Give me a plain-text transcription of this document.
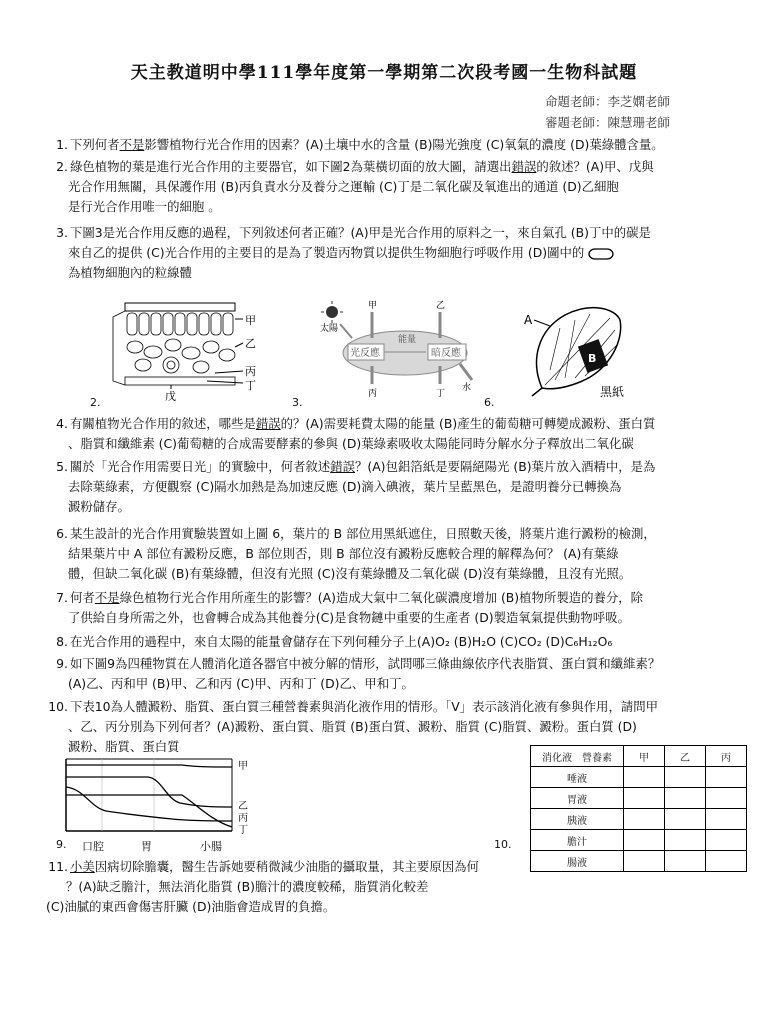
天主教道明中學111學年度第一學期第二次段考國一生物科試題
命題老師：李芝嫻老師
審題老師：陳慧珊老師
1. 下列何者不是影響植物行光合作用的因素？(A)土壤中水的含量 (B)陽光強度 (C)氧氣的濃度 (D)葉綠體含量。
2. 綠色植物的葉是進行光合作用的主要器官，如下圖2為葉橫切面的放大圖，請選出錯誤的敘述？(A)甲、戊與
光合作用無關，具保護作用 (B)丙負責水分及養分之運輸 (C)丁是二氧化碳及氧進出的通道 (D)乙細胞
是行光合作用唯一的細胞 。
3. 下圖3是光合作用反應的過程，下列敘述何者正確？(A)甲是光合作用的原料之一，來自氣孔 (B)丁中的碳是
來自乙的提供 (C)光合作用的主要目的是為了製造丙物質以提供生物細胞行呼吸作用 (D)圖中的
為植物細胞內的粒線體
甲
乙
丙
丁
戊
2.
太陽
光反應	暗反應
能量
甲	乙
丙	丁
水
3.
B
A
黑紙
6.
4. 有關植物光合作用的敘述，哪些是錯誤的？(A)需要耗費太陽的能量 (B)產生的葡萄糖可轉變成澱粉、蛋白質
、脂質和纖維素 (C)葡萄糖的合成需要酵素的參與 (D)葉綠素吸收太陽能同時分解水分子釋放出二氧化碳
5. 關於「光合作用需要日光」的實驗中，何者敘述錯誤？(A)包鋁箔紙是要隔絕陽光 (B)葉片放入酒精中，是為
去除葉綠素，方便觀察 (C)隔水加熱是為加速反應 (D)滴入碘液，葉片呈藍黑色，是證明養分已轉換為
澱粉儲存。
6. 某生設計的光合作用實驗裝置如上圖 6，葉片的 B 部位用黑紙遮住，日照數天後，將葉片進行澱粉的檢測，
結果葉片中 A 部位有澱粉反應，B 部位則否，則 B 部位沒有澱粉反應較合理的解釋為何？ (A)有葉綠
體，但缺二氧化碳 (B)有葉綠體，但沒有光照 (C)沒有葉綠體及二氧化碳 (D)沒有葉綠體，且沒有光照。
7. 何者不是綠色植物行光合作用所產生的影響？(A)造成大氣中二氧化碳濃度增加 (B)植物所製造的養分，除
了供給自身所需之外，也會轉合成為其他養分(C)是食物鏈中重要的生產者 (D)製造氧氣提供動物呼吸。
8. 在光合作用的過程中，來自太陽的能量會儲存在下列何種分子上(A)O₂ (B)H₂O (C)CO₂ (D)C₆H₁₂O₆
9. 如下圖9為四種物質在人體消化道各器官中被分解的情形，試問哪三條曲線依序代表脂質、蛋白質和纖維素？
(A)乙、丙和甲 (B)甲、乙和丙 (C)甲、丙和丁 (D)乙、甲和丁。
10. 下表10為人體澱粉、脂質、蛋白質三種營養素與消化液作用的情形。「V」表示該消化液有參與作用，請問甲
、乙、丙分別為下列何者？(A)澱粉、蛋白質、脂質 (B)蛋白質、澱粉、脂質 (C)脂質、澱粉。蛋白質 (D)
澱粉、脂質、蛋白質
甲
乙
丙
丁
9. 口腔	胃	小腸
消化液　營養素	甲	乙	丙
唾液			
胃液			
胰液			
膽汁			
腸液			
10.
11. 小美因病切除膽囊，醫生告訴她要稍微減少油脂的攝取量，其主要原因為何
？(A)缺乏膽汁，無法消化脂質 (B)膽汁的濃度較稀，脂質消化較差
(C)油膩的東西會傷害肝臟 (D)油脂會造成胃的負擔。
